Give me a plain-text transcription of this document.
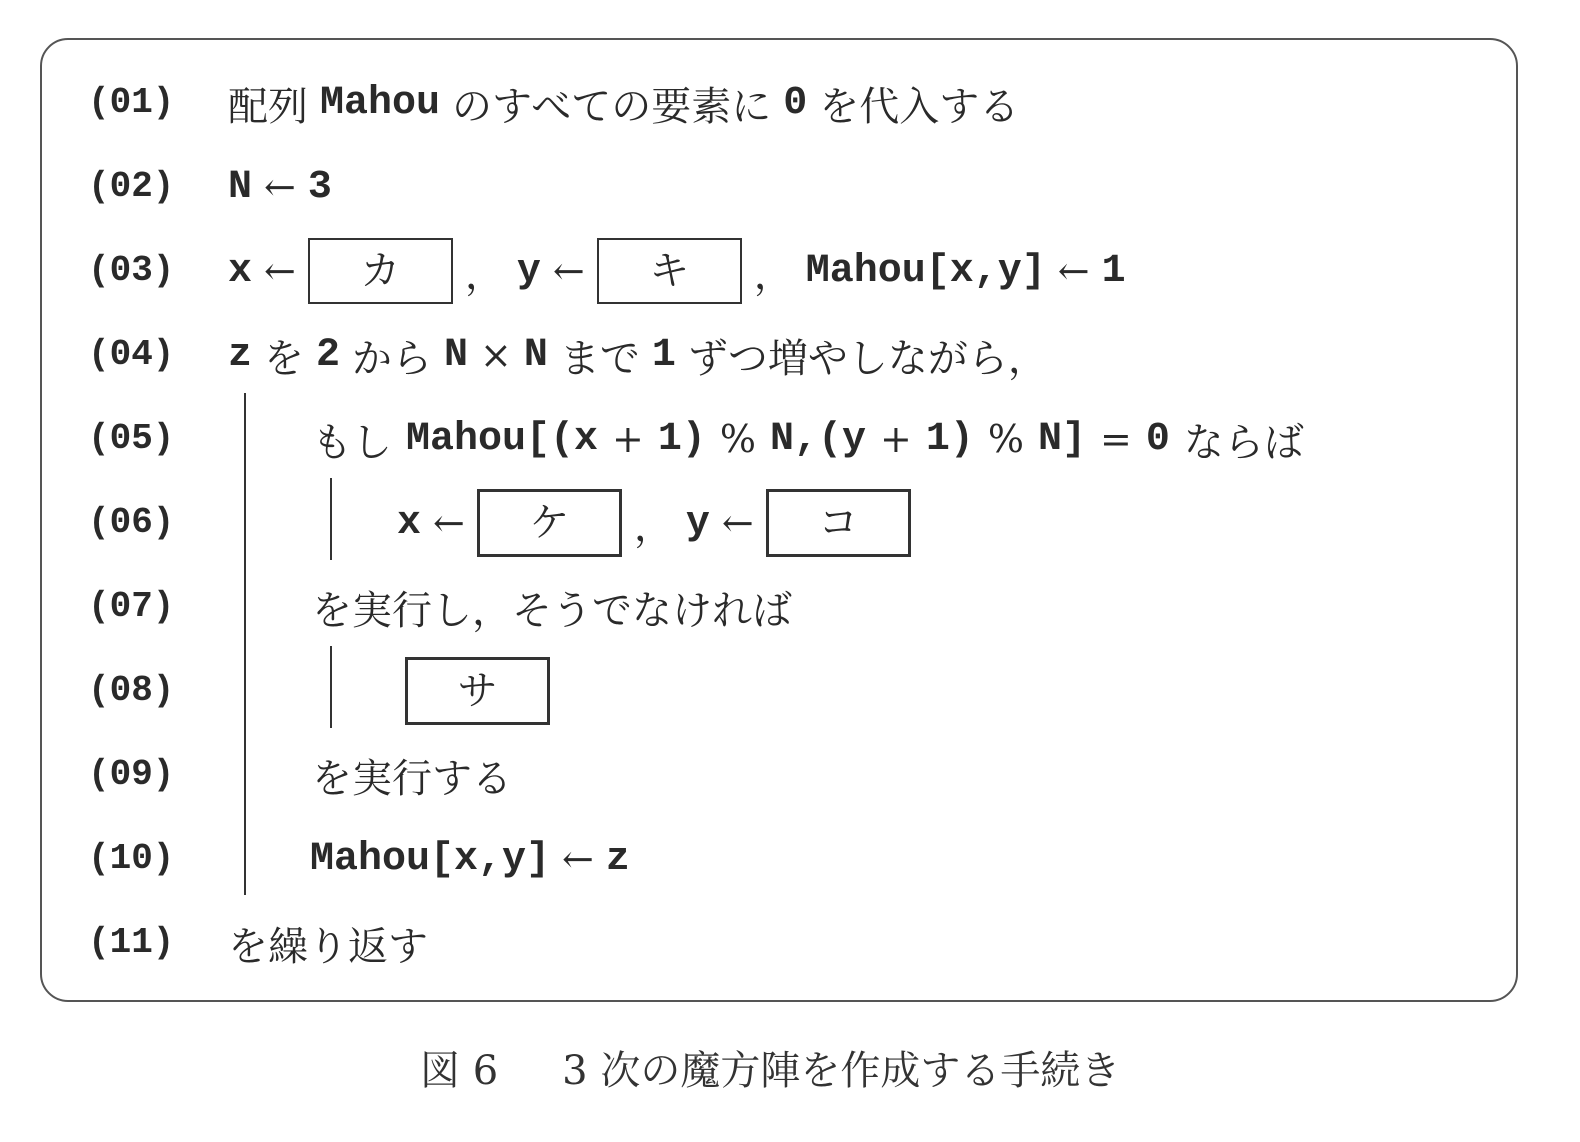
(01) 配列 Mahou のすべての要素に 0 を代入する
(02) N ← 3
(03) x ← カ ， y ← キ ， Mahou[x,y] ← 1
(04) z を 2 から N × N まで 1 ずつ増やしながら，
(05)	もし Mahou[(x + 1) % N,(y + 1) % N] = 0 ならば
(06)	x ← ケ ， y ← コ
(07)	を実行し，そうでなければ
(08)	サ
(09)	を実行する
(10)	Mahou[x,y] ← z
(11) を繰り返す
図 6 3 次の魔方陣を作成する手続き
